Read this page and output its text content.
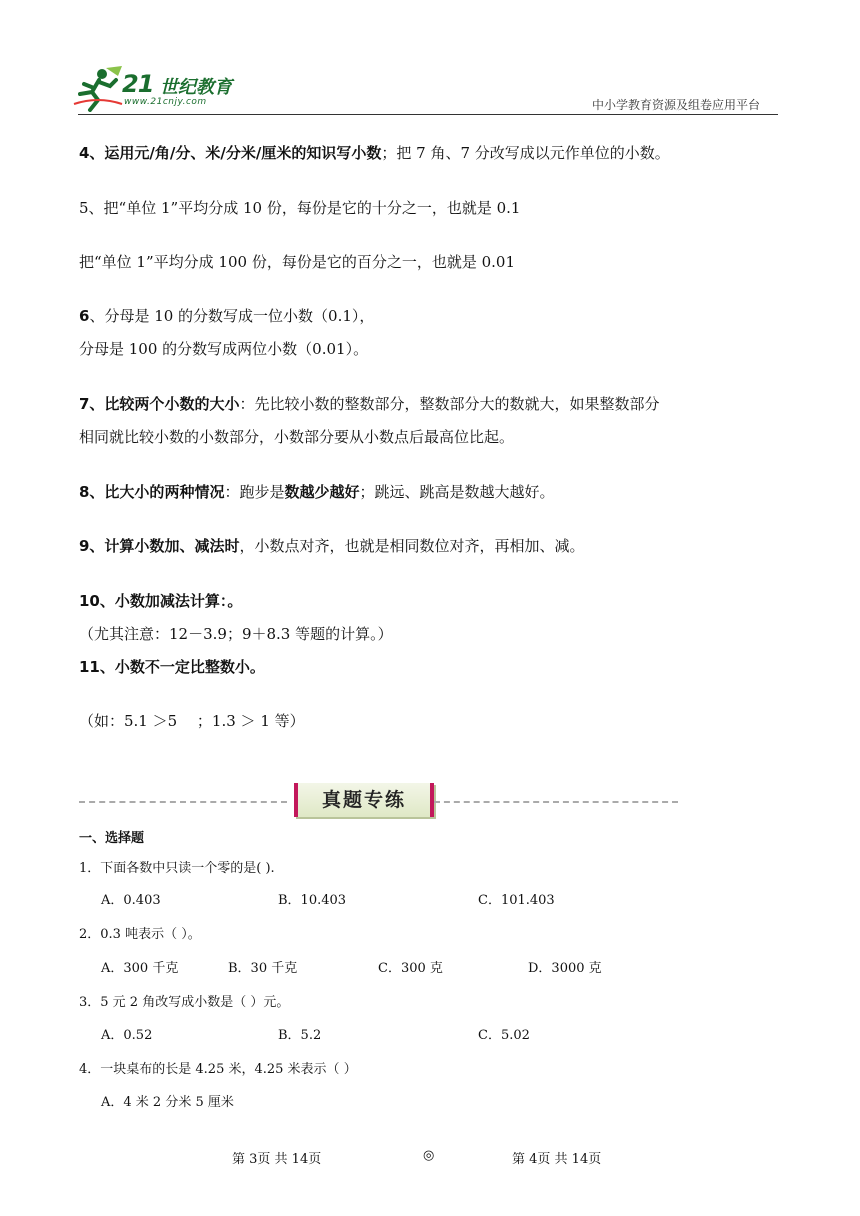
21 世纪教育
www.21cnjy.com	中小学教育资源及组卷应用平台
4、运用元/角/分、米/分米/厘米的知识写小数；把 7 角、7 分改写成以元作单位的小数。
5、把“单位 1”平均分成 10 份，每份是它的十分之一，也就是 0.1
把“单位 1”平均分成 100 份，每份是它的百分之一，也就是 0.01
6、分母是 10 的分数写成一位小数（0.1），
分母是 100 的分数写成两位小数（0.01）。
7、比较两个小数的大小：先比较小数的整数部分，整数部分大的数就大，如果整数部分
相同就比较小数的小数部分，小数部分要从小数点后最高位比起。
8、比大小的两种情况：跑步是数越少越好；跳远、跳高是数越大越好。
9、计算小数加、减法时，小数点对齐，也就是相同数位对齐，再相加、减。
10、小数加减法计算：。
（尤其注意：12－3.9；9＋8.3 等题的计算。）
11、小数不一定比整数小。
（如：5.1 ＞5　 ；1.3 ＞ 1 等）
真题专练
一、选择题
1．下面各数中只读一个零的是( ).
A．0.403	B．10.403	C．101.403
2．0.3 吨表示（ ）。
A．300 千克	B．30 千克	C．300 克	D．3000 克
3．5 元 2 角改写成小数是（ ）元。
A．0.52	B．5.2	C．5.02
4．一块桌布的长是 4.25 米，4.25 米表示（ ）
A．4 米 2 分米 5 厘米
第 3页 共 14页	◎	第 4页 共 14页
